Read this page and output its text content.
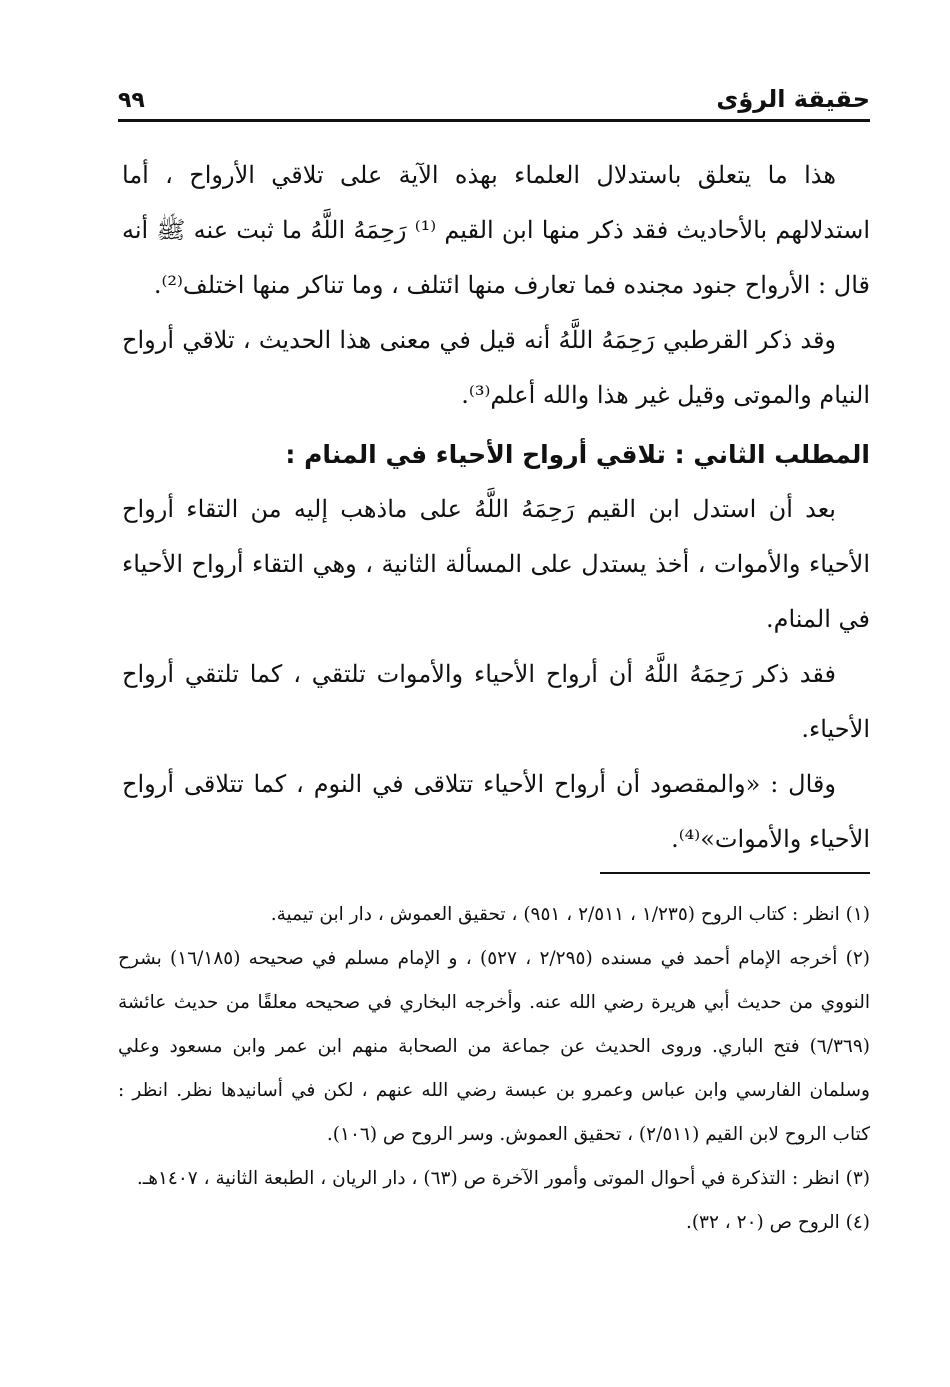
حقيقة الرؤى
٩٩

هذا ما يتعلق باستدلال العلماء بهذه الآية على تلاقي الأرواح ، أما استدلالهم بالأحاديث فقد ذكر منها ابن القيم ⁽¹⁾ رَحِمَهُ اللَّهُ ما ثبت عنه ﷺ أنه قال : الأرواح جنود مجنده فما تعارف منها ائتلف ، وما تناكر منها اختلف⁽²⁾.

وقد ذكر القرطبي رَحِمَهُ اللَّهُ أنه قيل في معنى هذا الحديث ، تلاقي أرواح النيام والموتى وقيل غير هذا والله أعلم⁽³⁾.

المطلب الثاني : تلاقي أرواح الأحياء في المنام :

بعد أن استدل ابن القيم رَحِمَهُ اللَّهُ على ماذهب إليه من التقاء أرواح الأحياء والأموات ، أخذ يستدل على المسألة الثانية ، وهي التقاء أرواح الأحياء في المنام.

فقد ذكر رَحِمَهُ اللَّهُ أن أرواح الأحياء والأموات تلتقي ، كما تلتقي أرواح الأحياء.

وقال : «والمقصود أن أرواح الأحياء تتلاقى في النوم ، كما تتلاقى أرواح الأحياء والأموات»⁽⁴⁾.

(١) انظر : كتاب الروح (١/٢٣٥ ، ٢/٥١١ ، ٩٥١) ، تحقيق العموش ، دار ابن تيمية.

(٢) أخرجه الإمام أحمد في مسنده (٢/٢٩٥ ، ٥٢٧) ، و الإمام مسلم في صحيحه (١٦/١٨٥) بشرح النووي من حديث أبي هريرة رضي الله عنه. وأخرجه البخاري في صحيحه معلقًا من حديث عائشة (٦/٣٦٩) فتح الباري. وروى الحديث عن جماعة من الصحابة منهم ابن عمر وابن مسعود وعلي وسلمان الفارسي وابن عباس وعمرو بن عبسة رضي الله عنهم ، لكن في أسانيدها نظر. انظر : كتاب الروح لابن القيم (٢/٥١١) ، تحقيق العموش. وسر الروح ص (١٠٦).

(٣) انظر : التذكرة في أحوال الموتى وأمور الآخرة ص (٦٣) ، دار الريان ، الطبعة الثانية ، ١٤٠٧هـ.

(٤) الروح ص (٢٠ ، ٣٢).
